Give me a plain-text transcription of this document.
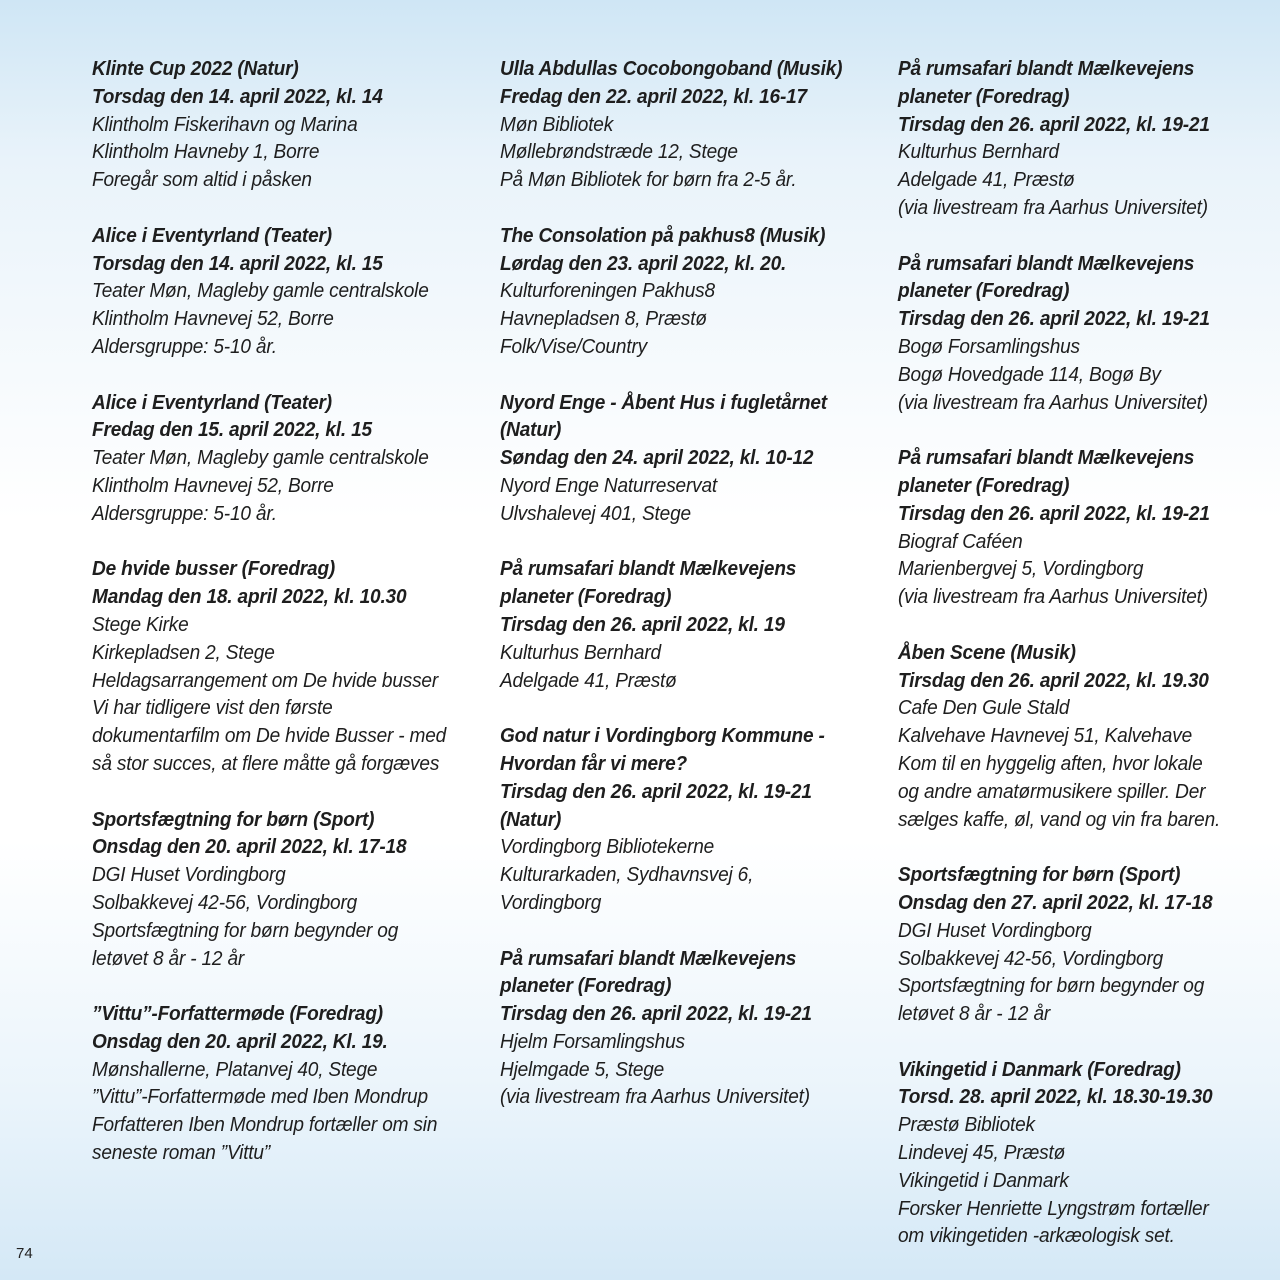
Klinte Cup 2022 (Natur)
Torsdag den 14. april 2022, kl. 14
Klintholm Fiskerihavn og Marina
Klintholm Havneby 1, Borre
Foregår som altid i påsken
Alice i Eventyrland (Teater)
Torsdag den 14. april 2022, kl. 15
Teater Møn, Magleby gamle centralskole
Klintholm Havnevej 52, Borre
Aldersgruppe: 5-10 år.
Alice i Eventyrland (Teater)
Fredag den 15. april 2022, kl. 15
Teater Møn, Magleby gamle centralskole
Klintholm Havnevej 52, Borre
Aldersgruppe: 5-10 år.
De hvide busser (Foredrag)
Mandag den 18. april 2022, kl. 10.30
Stege Kirke
Kirkepladsen 2, Stege
Heldagsarrangement om De hvide busser
Vi har tidligere vist den første
dokumentarfilm om De hvide Busser - med
så stor succes, at flere måtte gå forgæves
Sportsfægtning for børn (Sport)
Onsdag den 20. april 2022, kl. 17-18
DGI Huset Vordingborg
Solbakkevej 42-56, Vordingborg
Sportsfægtning for børn begynder og
letøvet 8 år - 12 år
”Vittu”-Forfattermøde (Foredrag)
Onsdag den 20. april 2022, Kl. 19.
Mønshallerne, Platanvej 40, Stege
”Vittu”-Forfattermøde med Iben Mondrup
Forfatteren Iben Mondrup fortæller om sin
seneste roman ”Vittu”
Ulla Abdullas Cocobongoband (Musik)
Fredag den 22. april 2022, kl. 16-17
Møn Bibliotek
Møllebrøndstræde 12, Stege
På Møn Bibliotek for børn fra 2-5 år.
The Consolation på pakhus8 (Musik)
Lørdag den 23. april 2022, kl. 20.
Kulturforeningen Pakhus8
Havnepladsen 8, Præstø
Folk/Vise/Country
Nyord Enge - Åbent Hus i fugletårnet
(Natur)
Søndag den 24. april 2022, kl. 10-12
Nyord Enge Naturreservat
Ulvshalevej 401, Stege
På rumsafari blandt Mælkevejens
planeter (Foredrag)
Tirsdag den 26. april 2022, kl. 19
Kulturhus Bernhard
Adelgade 41, Præstø
God natur i Vordingborg Kommune -
Hvordan får vi mere?
Tirsdag den 26. april 2022, kl. 19-21
(Natur)
Vordingborg Bibliotekerne
Kulturarkaden, Sydhavnsvej 6,
Vordingborg
På rumsafari blandt Mælkevejens
planeter (Foredrag)
Tirsdag den 26. april 2022, kl. 19-21
Hjelm Forsamlingshus
Hjelmgade 5, Stege
(via livestream fra Aarhus Universitet)
På rumsafari blandt Mælkevejens
planeter (Foredrag)
Tirsdag den 26. april 2022, kl. 19-21
Kulturhus Bernhard
Adelgade 41, Præstø
(via livestream fra Aarhus Universitet)
På rumsafari blandt Mælkevejens
planeter (Foredrag)
Tirsdag den 26. april 2022, kl. 19-21
Bogø Forsamlingshus
Bogø Hovedgade 114, Bogø By
(via livestream fra Aarhus Universitet)
På rumsafari blandt Mælkevejens
planeter (Foredrag)
Tirsdag den 26. april 2022, kl. 19-21
Biograf Caféen
Marienbergvej 5, Vordingborg
(via livestream fra Aarhus Universitet)
Åben Scene (Musik)
Tirsdag den 26. april 2022, kl. 19.30
Cafe Den Gule Stald
Kalvehave Havnevej 51, Kalvehave
Kom til en hyggelig aften, hvor lokale
og andre amatørmusikere spiller. Der
sælges kaffe, øl, vand og vin fra baren.
Sportsfægtning for børn (Sport)
Onsdag den 27. april 2022, kl. 17-18
DGI Huset Vordingborg
Solbakkevej 42-56, Vordingborg
Sportsfægtning for børn begynder og
letøvet 8 år - 12 år
Vikingetid i Danmark (Foredrag)
Torsd. 28. april 2022, kl. 18.30-19.30
Præstø Bibliotek
Lindevej 45, Præstø
Vikingetid i Danmark
Forsker Henriette Lyngstrøm fortæller
om vikingetiden -arkæologisk set.
74
